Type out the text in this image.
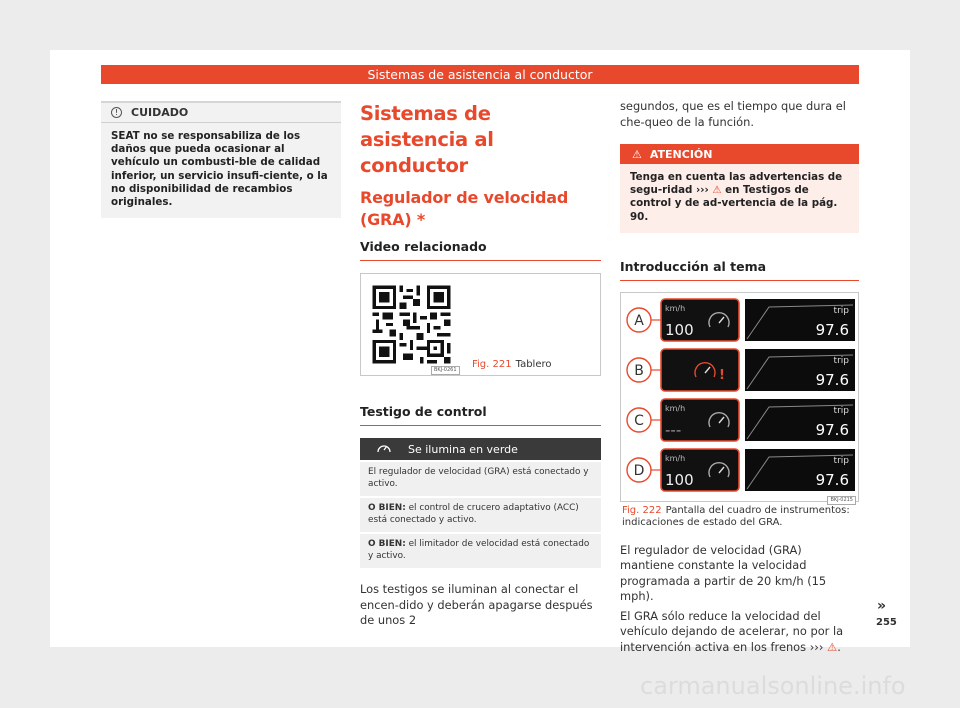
Sistemas de asistencia al conductor
!	CUIDADO
SEAT no se responsabiliza de los daños que pueda ocasionar al vehículo un combusti-ble de calidad inferior, un servicio insufi-ciente, o la no disponibilidad de recambios originales.
Sistemas de asistencia al conductor
Regulador de velocidad (GRA) *
Video relacionado
BKJ-0261	Fig. 221 Tablero
Testigo de control
Se ilumina en verde
El regulador de velocidad (GRA) está conectado y activo.
O BIEN: el control de crucero adaptativo (ACC) está conectado y activo.
O BIEN: el limitador de velocidad está conectado y activo.
Los testigos se iluminan al conectar el encen-dido y deberán apagarse después de unos 2
segundos, que es el tiempo que dura el che-queo de la función.
⚠ ATENCIÓN
Tenga en cuenta las advertencias de segu-ridad ››› ⚠ en Testigos de control y de ad-vertencia de la pág. 90.
Introducción al tema
A
km/h
100
trip
97.6
B	!
trip
97.6
C
km/h
---
trip
97.6
D
km/h
100
trip
97.6
BKJ-0215
Fig. 222 Pantalla del cuadro de instrumentos: indicaciones de estado del GRA.
El regulador de velocidad (GRA) mantiene constante la velocidad programada a partir de 20 km/h (15 mph).
El GRA sólo reduce la velocidad del vehículo dejando de acelerar, no por la intervención activa en los frenos ››› ⚠.
»
255
carmanualsonline.info
